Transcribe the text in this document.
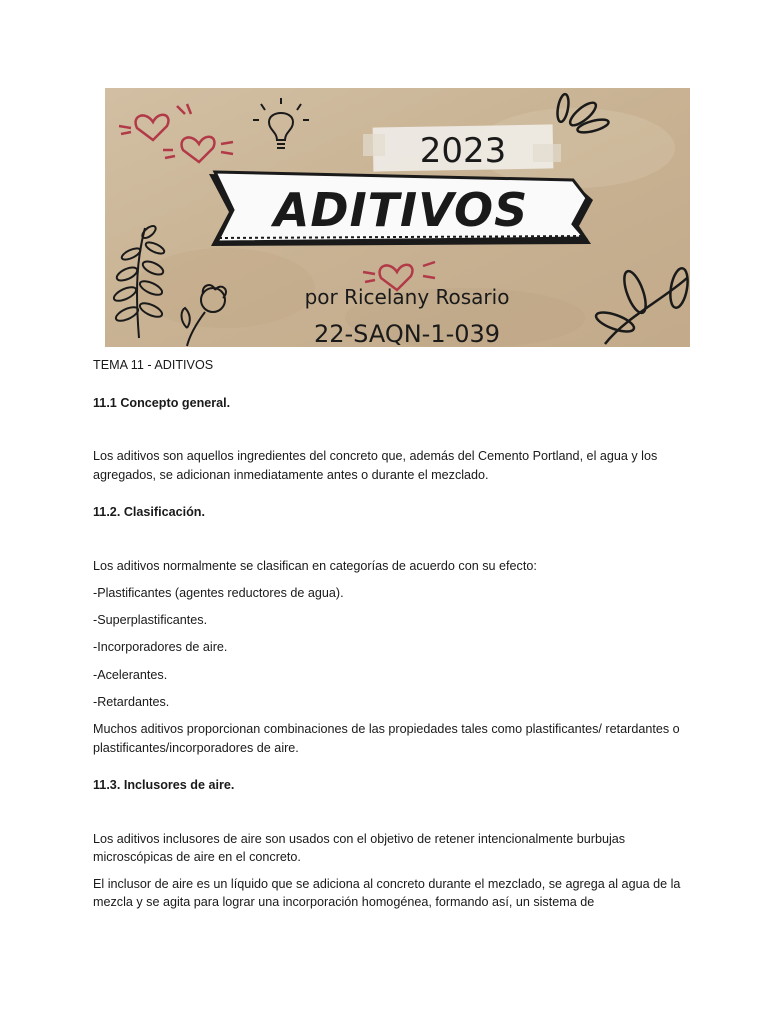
2023
ADITIVOS
por Ricelany Rosario
22-SAQN-1-039

TEMA 11 - ADITIVOS

11.1 Concepto general.

Los aditivos son aquellos ingredientes del concreto que, además del Cemento Portland, el agua y los agregados, se adicionan inmediatamente antes o durante el mezclado.

11.2. Clasificación.

Los aditivos normalmente se clasifican en categorías de acuerdo con su efecto:

-Plastificantes (agentes reductores de agua).

-Superplastificantes.

-Incorporadores de aire.

-Acelerantes.

-Retardantes.

Muchos aditivos proporcionan combinaciones de las propiedades tales como plastificantes/ retardantes o plastificantes/incorporadores de aire.

11.3. Inclusores de aire.

Los aditivos inclusores de aire son usados con el objetivo de retener intencionalmente burbujas microscópicas de aire en el concreto.

El inclusor de aire es un líquido que se adiciona al concreto durante el mezclado, se agrega al agua de la mezcla y se agita para lograr una incorporación homogénea, formando así, un sistema de
